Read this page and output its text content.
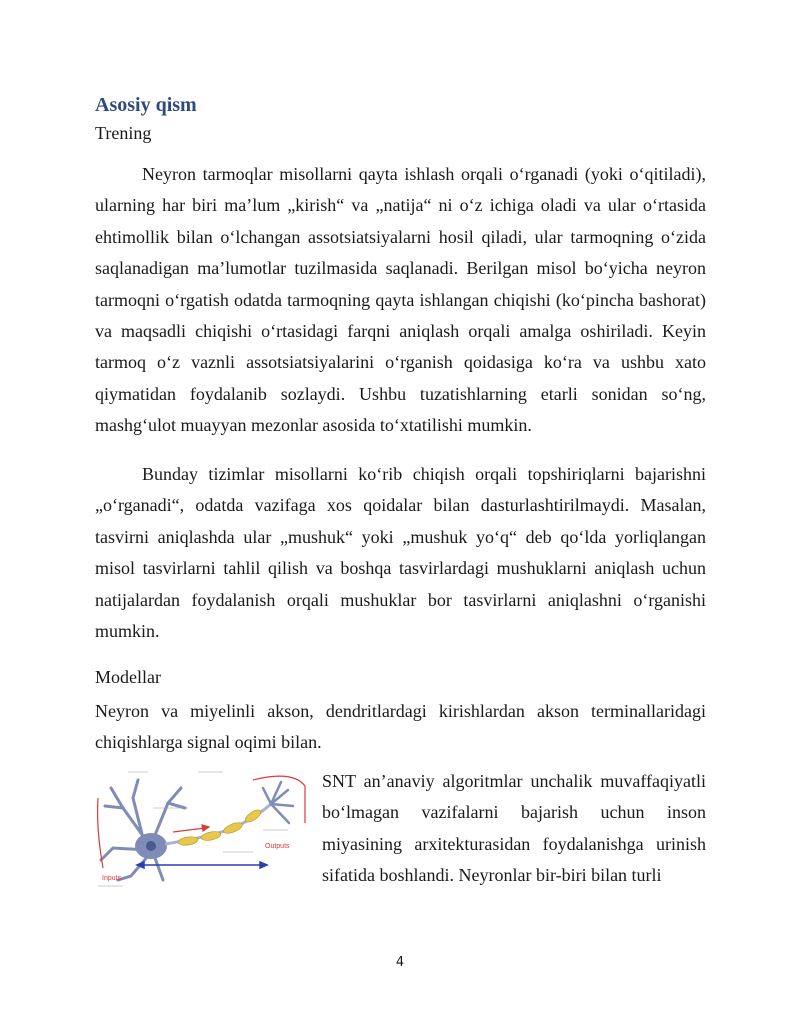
Asosiy qism
Trening

Neyron tarmoqlar misollarni qayta ishlash orqali o‘rganadi (yoki o‘qitiladi), ularning har biri ma’lum „kirish“ va „natija“ ni o‘z ichiga oladi va ular o‘rtasida ehtimollik bilan o‘lchangan assotsiatsiyalarni hosil qiladi, ular tarmoqning o‘zida saqlanadigan ma’lumotlar tuzilmasida saqlanadi. Berilgan misol bo‘yicha neyron tarmoqni o‘rgatish odatda tarmoqning qayta ishlangan chiqishi (ko‘pincha bashorat) va maqsadli chiqishi o‘rtasidagi farqni aniqlash orqali amalga oshiriladi. Keyin tarmoq o‘z vaznli assotsiatsiyalarini o‘rganish qoidasiga ko‘ra va ushbu xato qiymatidan foydalanib sozlaydi. Ushbu tuzatishlarning etarli sonidan so‘ng, mashg‘ulot muayyan mezonlar asosida to‘xtatilishi mumkin.

Bunday tizimlar misollarni ko‘rib chiqish orqali topshiriqlarni bajarishni „o‘rganadi“, odatda vazifaga xos qoidalar bilan dasturlashtirilmaydi. Masalan, tasvirni aniqlashda ular „mushuk“ yoki „mushuk yo‘q“ deb qo‘lda yorliqlangan misol tasvirlarni tahlil qilish va boshqa tasvirlardagi mushuklarni aniqlash uchun natijalardan foydalanish orqali mushuklar bor tasvirlarni aniqlashni o‘rganishi mumkin.

Modellar

Neyron va miyelinli akson, dendritlardagi kirishlardan akson terminallaridagi chiqishlarga signal oqimi bilan.

Inputs
Outputs

SNT an’anaviy algoritmlar unchalik muvaffaqiyatli bo‘lmagan vazifalarni bajarish uchun inson miyasining arxitekturasidan foydalanishga urinish sifatida boshlandi. Neyronlar bir-biri bilan turli

4
